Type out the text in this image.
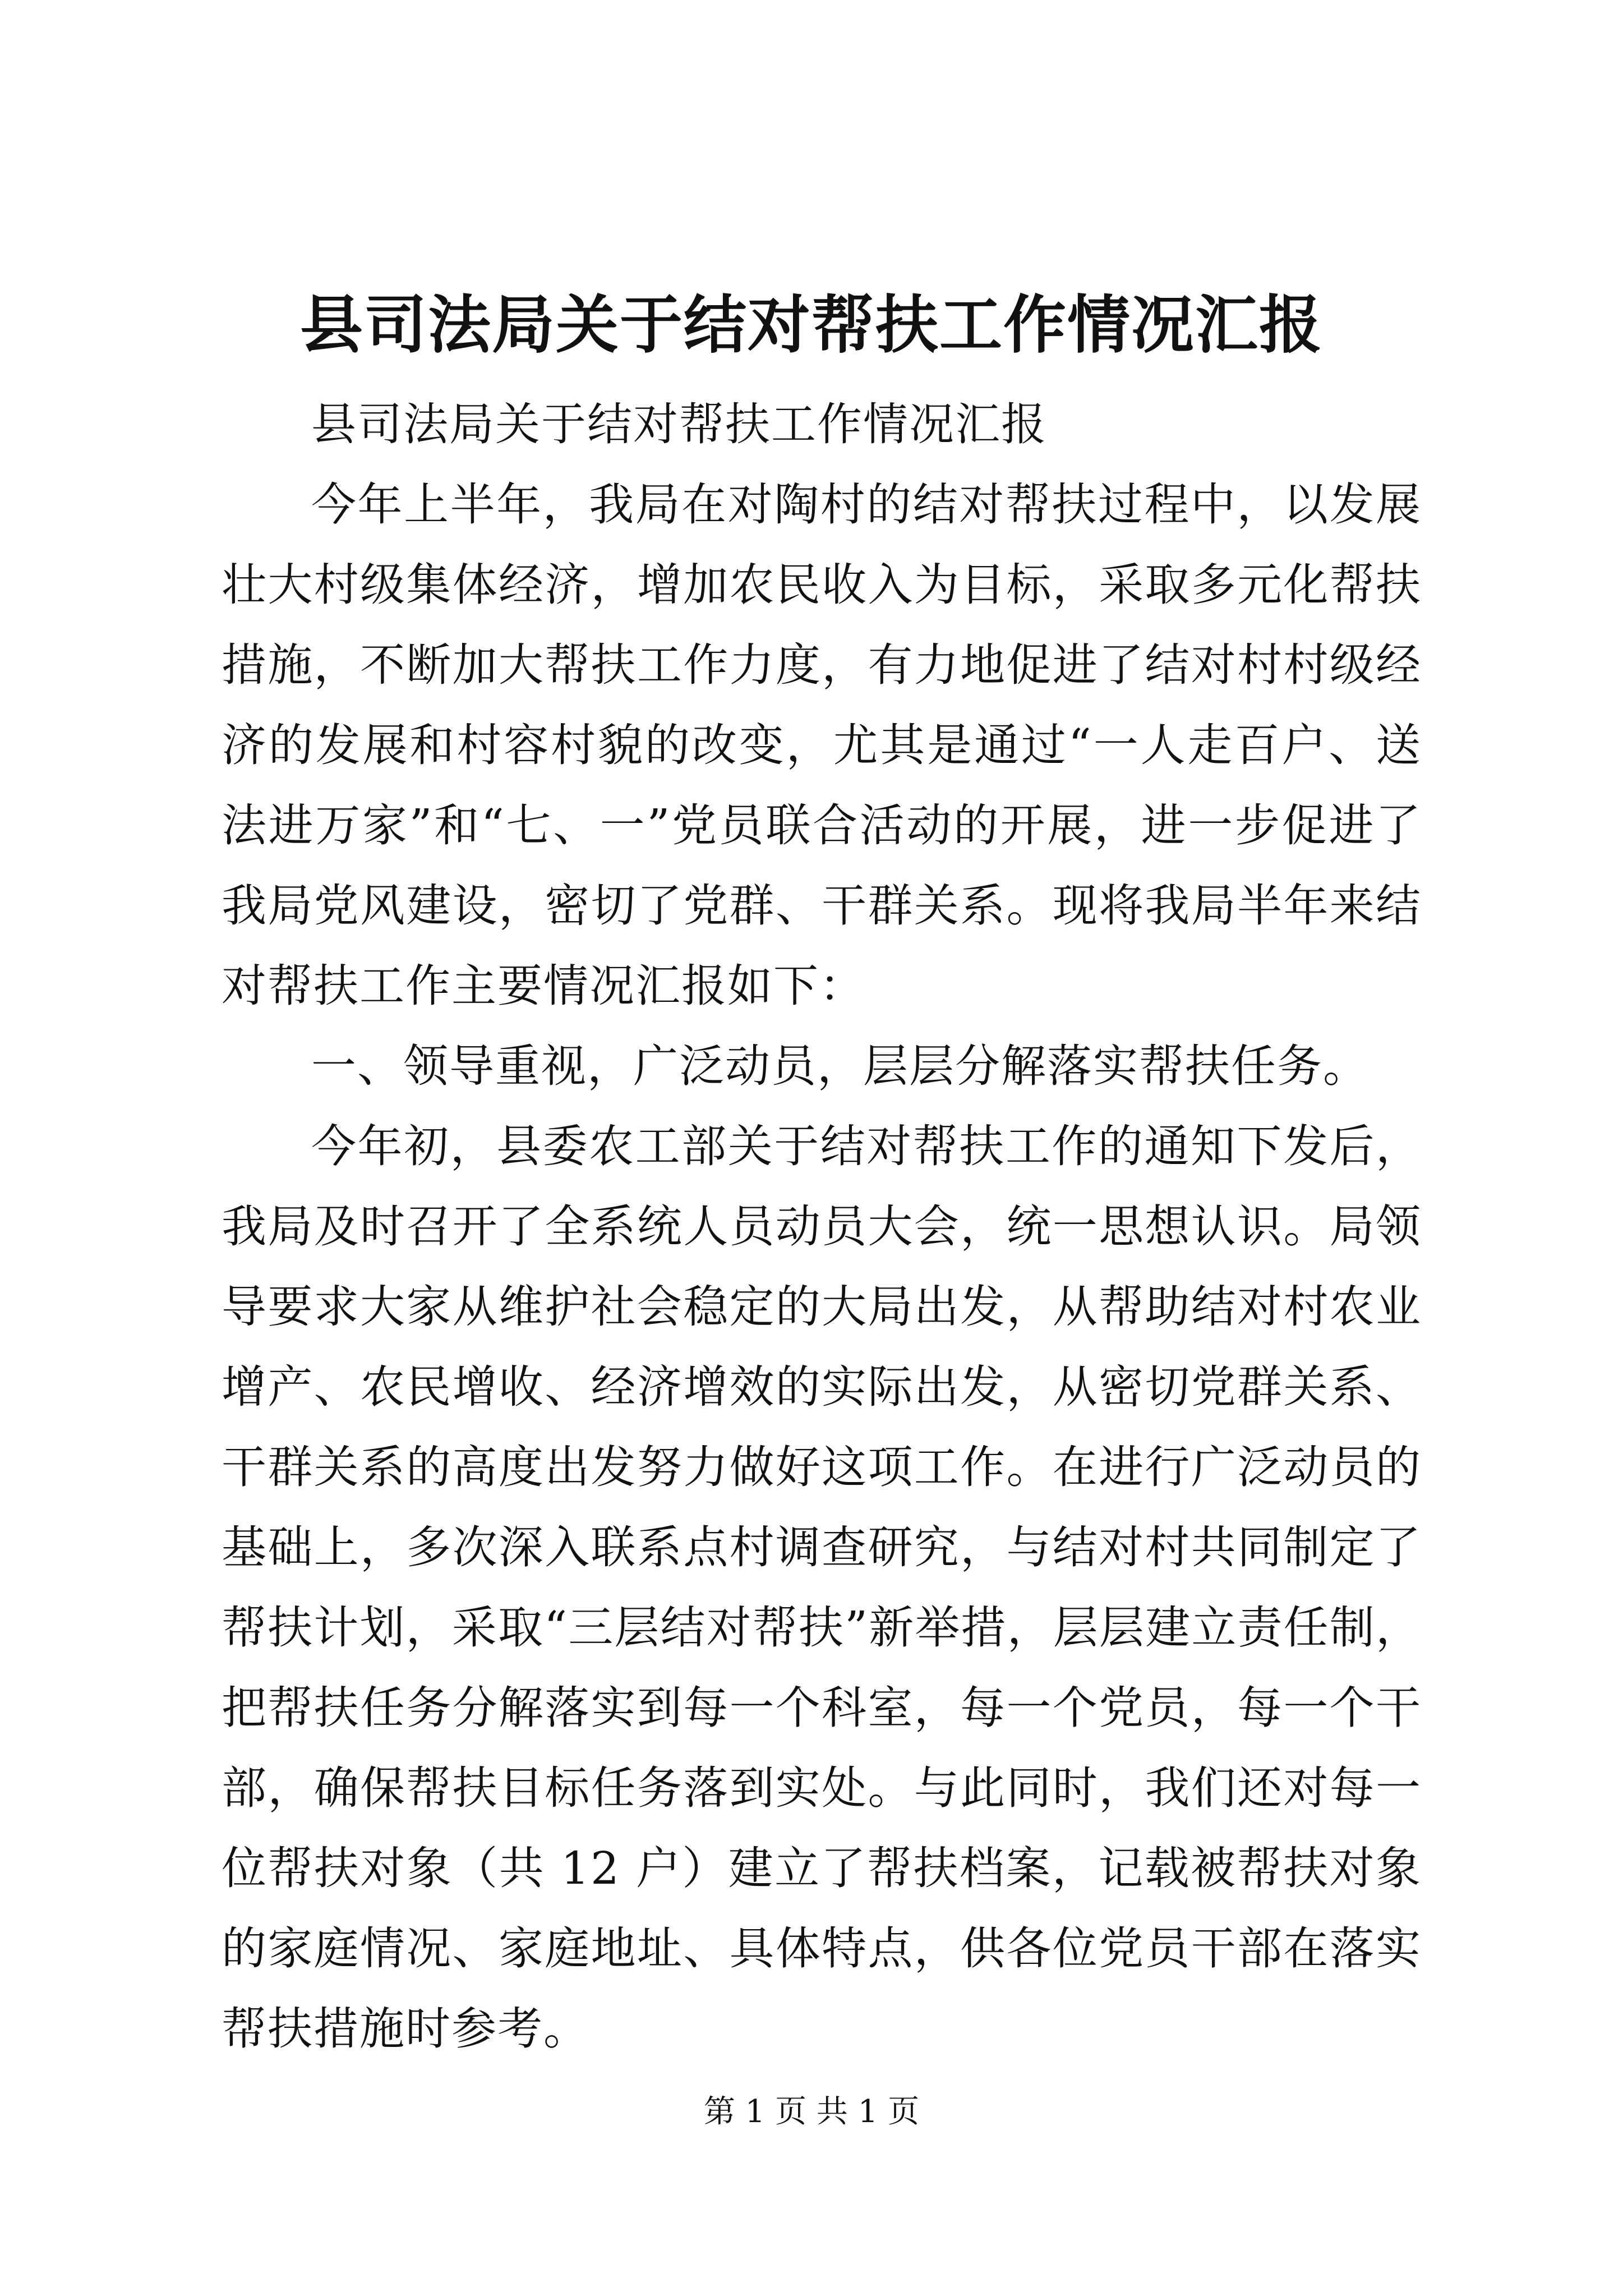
县司法局关于结对帮扶工作情况汇报

县司法局关于结对帮扶工作情况汇报

今年上半年，我局在对陶村的结对帮扶过程中，以发展壮大村级集体经济，增加农民收入为目标，采取多元化帮扶措施，不断加大帮扶工作力度，有力地促进了结对村村级经济的发展和村容村貌的改变，尤其是通过“一人走百户、送法进万家”和“七、一”党员联合活动的开展，进一步促进了我局党风建设，密切了党群、干群关系。现将我局半年来结对帮扶工作主要情况汇报如下：

一、领导重视，广泛动员，层层分解落实帮扶任务。

今年初，县委农工部关于结对帮扶工作的通知下发后，我局及时召开了全系统人员动员大会，统一思想认识。局领导要求大家从维护社会稳定的大局出发，从帮助结对村农业增产、农民增收、经济增效的实际出发，从密切党群关系、干群关系的高度出发努力做好这项工作。在进行广泛动员的基础上，多次深入联系点村调查研究，与结对村共同制定了帮扶计划，采取“三层结对帮扶”新举措，层层建立责任制，把帮扶任务分解落实到每一个科室，每一个党员，每一个干部，确保帮扶目标任务落到实处。与此同时，我们还对每一位帮扶对象（共 12 户）建立了帮扶档案，记载被帮扶对象的家庭情况、家庭地址、具体特点，供各位党员干部在落实帮扶措施时参考。

第 1 页 共 1 页
